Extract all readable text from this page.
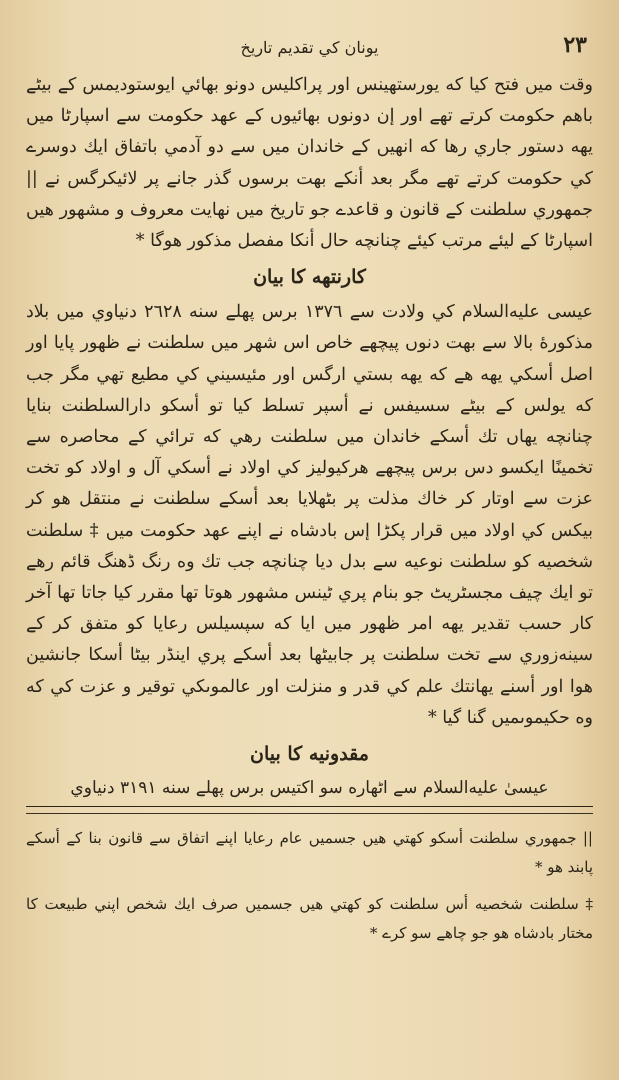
٢٣
يونان كي تقديم تاريخ

وقت ميں فتح كيا كه يورستهينس اور پراكليس دونو بھائي ايوستوديمس كے بيٹے باهم حكومت كرتے تھے اور إن دونوں بھائيوں كے عهد حكومت سے اسپارٹا ميں يهه دستور جاري رها كه انهيں كے خاندان ميں سے دو آدمي باتفاق ايك دوسرے كي حكومت كرتے تھے مگر بعد أنكے بهت برسوں گذر جانے پر لائيكرگس نے || جمهوري سلطنت كے قانون و قاعدے جو تاريخ ميں نهايت معروف و مشهور هيں اسپارٹا كے ليئے مرتب كيئے چنانچه حال أنكا مفصل مذكور هوگا *

كارنتهه كا بيان

عيسى عليه‌السلام كي ولادت سے ١٣٧٦ برس پهلے سنه ٢٦٢٨ دنياوي ميں بلاد مذكورهٔ بالا سے بهت دنوں پيچھے خاص اس شهر ميں سلطنت نے ظهور پايا اور اصل أسكي يهه هے كه يهه بستي ارگس اور مئيسيني كي مطيع تھي مگر جب كه يولس كے بيٹے سسيفس نے أسپر تسلط كيا تو أسكو دارالسلطنت بنايا چنانچه يهاں تك أسكے خاندان ميں سلطنت رهي كه ترائي كے محاصره سے تخمينًا ايكسو دس برس پيچھے هركيوليز كي اولاد نے أسكي آل و اولاد كو تخت عزت سے اوتار كر خاك مذلت پر بٹھلايا بعد أسكے سلطنت نے منتقل هو كر بيكس كي اولاد ميں قرار پكڑا إس بادشاه نے اپنے عهد حكومت ميں ‡ سلطنت شخصيه كو سلطنت نوعيه سے بدل ديا چنانچه جب تك وه رنگ ڈهنگ قائم رهے تو ايك چيف مجسٹريٹ جو بنام پري ٹينس مشهور هوتا تها مقرر كيا جاتا تها آخر كار حسب تقدير يهه امر ظهور ميں ايا كه سپسيلس رعايا كو متفق كر كے سينه‌زوري سے تخت سلطنت پر جابيٹها بعد أسكے پري اينڈر بيٹا أسكا جانشين هوا اور أسنے يهانتك علم كي قدر و منزلت اور عالموںكي توقير و عزت كي كه وه حكيموںميں گنا گيا *

مقدونيه كا بيان
عيسىٰ عليه‌السلام سے اٹھاره سو اكتيس برس پهلے سنه ٣١٩١ دنياوي

|| جمهوري سلطنت أسكو كهتي هيں جسميں عام رعايا اپنے اتفاق سے قانون بنا كے أسكے پابند هو *

‡ سلطنت شخصيه أس سلطنت كو كهتي هيں جسميں صرف ايك شخص اپني طبيعت كا مختار بادشاه هو جو چاهے سو كرے *
